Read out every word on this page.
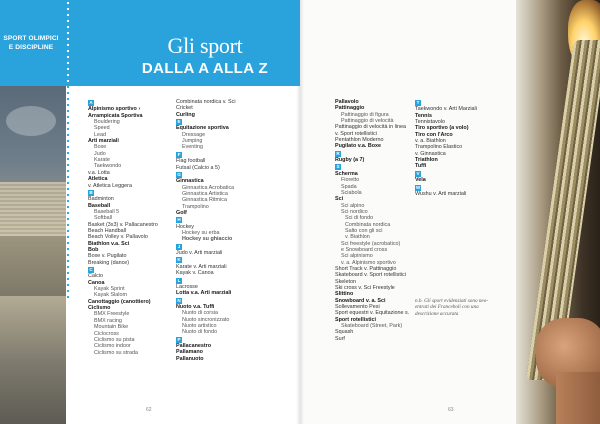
SPORT OLIMPICI
E DISCIPLINE	Gli sport
DALLA A ALLA Z
A
Alpinismo sportivo ›
Arrampicata Sportiva
Bouldering
Speed
Lead
Arti marziali
Boxe
Judo
Karate
Taekwondo
v.a. Lotta
Atletica
v. Atletica Leggera
B
Badminton
Baseball
Baseball 5
Softball
Basket (3x3) v. Pallacanestro
Beach Handball
Beach Volley v. Pallavolo
Biathlon v.a. Sci
Bob
Boxe v. Pugilato
Breaking (dance)
C
Calcio
Canoa
Kayak Sprint
Kayak Slalom
Canottaggio (canottiero)
Ciclismo
BMX Freestyle
BMX racing
Mountain Bike
Ciclocross
Ciclismo su pista
Ciclismo indoor
Ciclismo su strada
Combinata nordica v. Sci
Cricket
Curling
E
Equitazione sportiva
Dressage
Jumping
Eventing
F
Flag football
Futsal (Calcio a 5)
G
Ginnastica
Ginnastica Acrobatica
Ginnastica Artistica
Ginnastica Ritmica
Trampolino
Golf
H
Hockey
Hockey su erba
Hockey su ghiaccio
J
Judo v. Arti marziali
K
Karate v. Arti marziali
Kayak v. Canoa
L
Lacrosse
Lotta v.a. Arti marziali
N
Nuoto v.a. Tuffi
Nuoto di corsia
Nuoto sincronizzato
Nuoto artistico
Nuoto di fondo
P
Pallacanestro
Pallamano
Pallanuoto
Pallavolo
Pattinaggio
Pattinaggio di figura
Pattinaggio di velocità
Pattinaggio di velocità in linea
v. Sport rotellistici
Pentathlon Moderno
Pugilato v.a. Boxe
R
Rugby (a 7)
S
Scherma
Fioretto
Spada
Sciabola
Sci
Sci alpino
Sci nordico
Sci di fondo
Combinata nordica
Salto con gli sci
v. Biathlon
Sci freestyle (acrobatico)
e Snowboard cross
Sci alpinismo
v. a. Alpinismo sportivo
Short Track v. Pattinaggio
Skateboard v. Sport rotellistici
Skeleton
Ski cross v. Sci Freestyle
Slittino
Snowboard v. a. Sci
Sollevamento Pesi
Sport equestri v. Equitazione s.
Sport rotellistici
Skateboard (Street, Park)
Squash
Surf
T
Taekwondo v. Arti Marziali
Tennis
Tennistavolo
Tiro sportivo (a volo)
Tiro con l'Arco
v. a. Biathlon
Trampolino Elastico
v. Ginnastica
Triathlon
Tuffi
V
Vela
W
Wushu v. Arti marziali
n.b. Gli sport evidenziati sono neo-entrati dei Franceboli con una descrizione accurata
62	63
